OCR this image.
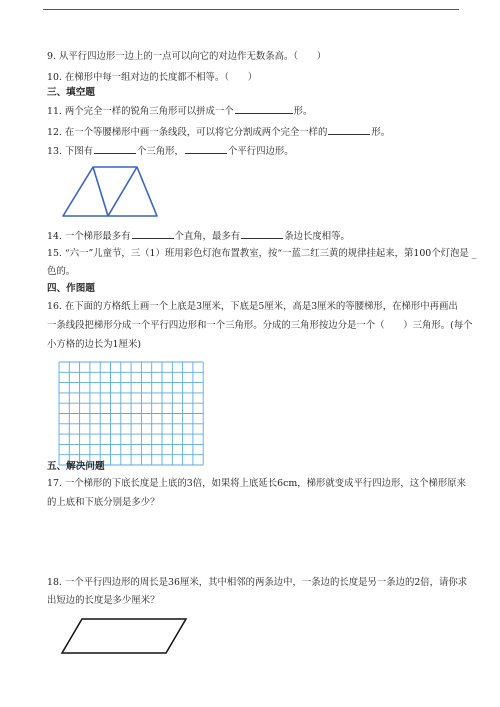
9. 从平行四边形一边上的一点可以向它的对边作无数条高。（　　）
10. 在梯形中每一组对边的长度都不相等。（　　）
三、填空题
11. 两个完全一样的锐角三角形可以拼成一个	形。
12. 在一个等腰梯形中画一条线段，可以将它分割成两个完全一样的	形。
13. 下图有	个三角形，	个平行四边形。
14. 一个梯形最多有	个直角，最多有	条边长度相等。
15. “六一”儿童节，三（1）班用彩色灯泡布置教室，按“一蓝二红三黄的规律挂起来，第100个灯泡是 _
色的。
四、作图题
16. 在下面的方格纸上画一个上底是3厘米，下底是5厘米，高是3厘米的等腰梯形，在梯形中再画出
一条线段把梯形分成一个平行四边形和一个三角形。分成的三角形按边分是一个（　　）三角形。(每个
小方格的边长为1厘米)
五、解决问题
17. 一个梯形的下底长度是上底的3倍，如果将上底延长6cm，梯形就变成平行四边形，这个梯形原来
的上底和下底分别是多少？
18. 一个平行四边形的周长是36厘米，其中相邻的两条边中，一条边的长度是另一条边的2倍，请你求
出短边的长度是多少厘米？
